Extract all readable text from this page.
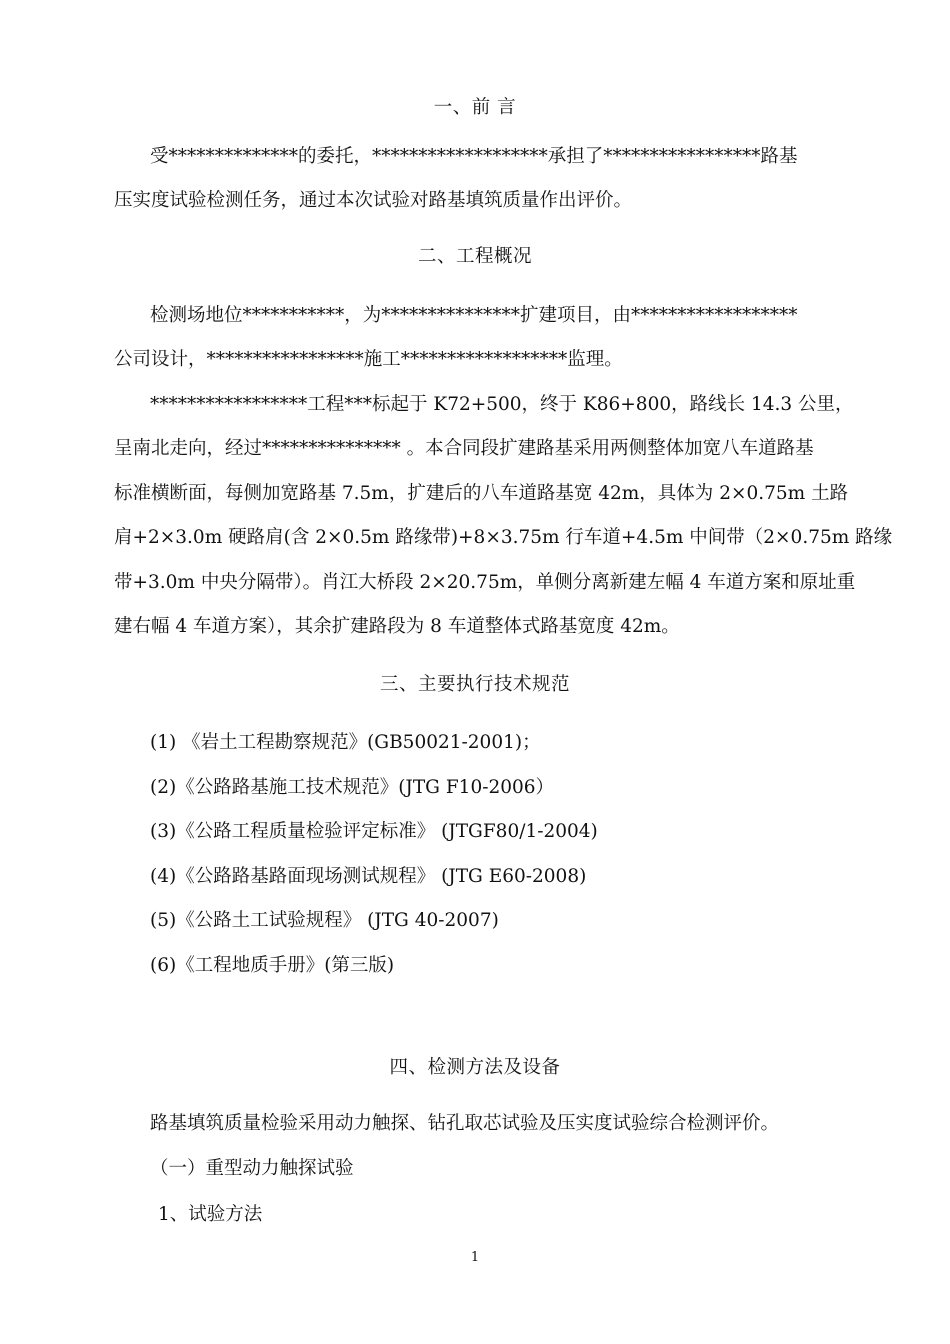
一、前 言
受**************的委托，*******************承担了*****************路基
压实度试验检测任务，通过本次试验对路基填筑质量作出评价。
二、工程概况
检测场地位***********，为***************扩建项目，由******************
公司设计，*****************施工******************监理。
*****************工程***标起于 K72+500，终于 K86+800，路线长 14.3 公里，
呈南北走向，经过*************** 。本合同段扩建路基采用两侧整体加宽八车道路基
标准横断面，每侧加宽路基 7.5m，扩建后的八车道路基宽 42m，具体为 2×0.75m 土路
肩+2×3.0m 硬路肩(含 2×0.5m 路缘带)+8×3.75m 行车道+4.5m 中间带（2×0.75m 路缘
带+3.0m 中央分隔带）。肖江大桥段 2×20.75m，单侧分离新建左幅 4 车道方案和原址重
建右幅 4 车道方案），其余扩建路段为 8 车道整体式路基宽度 42m。
三、主要执行技术规范
(1) 《岩土工程勘察规范》(GB50021-2001)；
(2)《公路路基施工技术规范》(JTG F10-2006）
(3)《公路工程质量检验评定标准》 (JTGF80/1-2004)
(4)《公路路基路面现场测试规程》 (JTG E60-2008)
(5)《公路土工试验规程》 (JTG 40-2007)
(6)《工程地质手册》(第三版)
四、检测方法及设备
路基填筑质量检验采用动力触探、钻孔取芯试验及压实度试验综合检测评价。
（一）重型动力触探试验
1、试验方法
1
